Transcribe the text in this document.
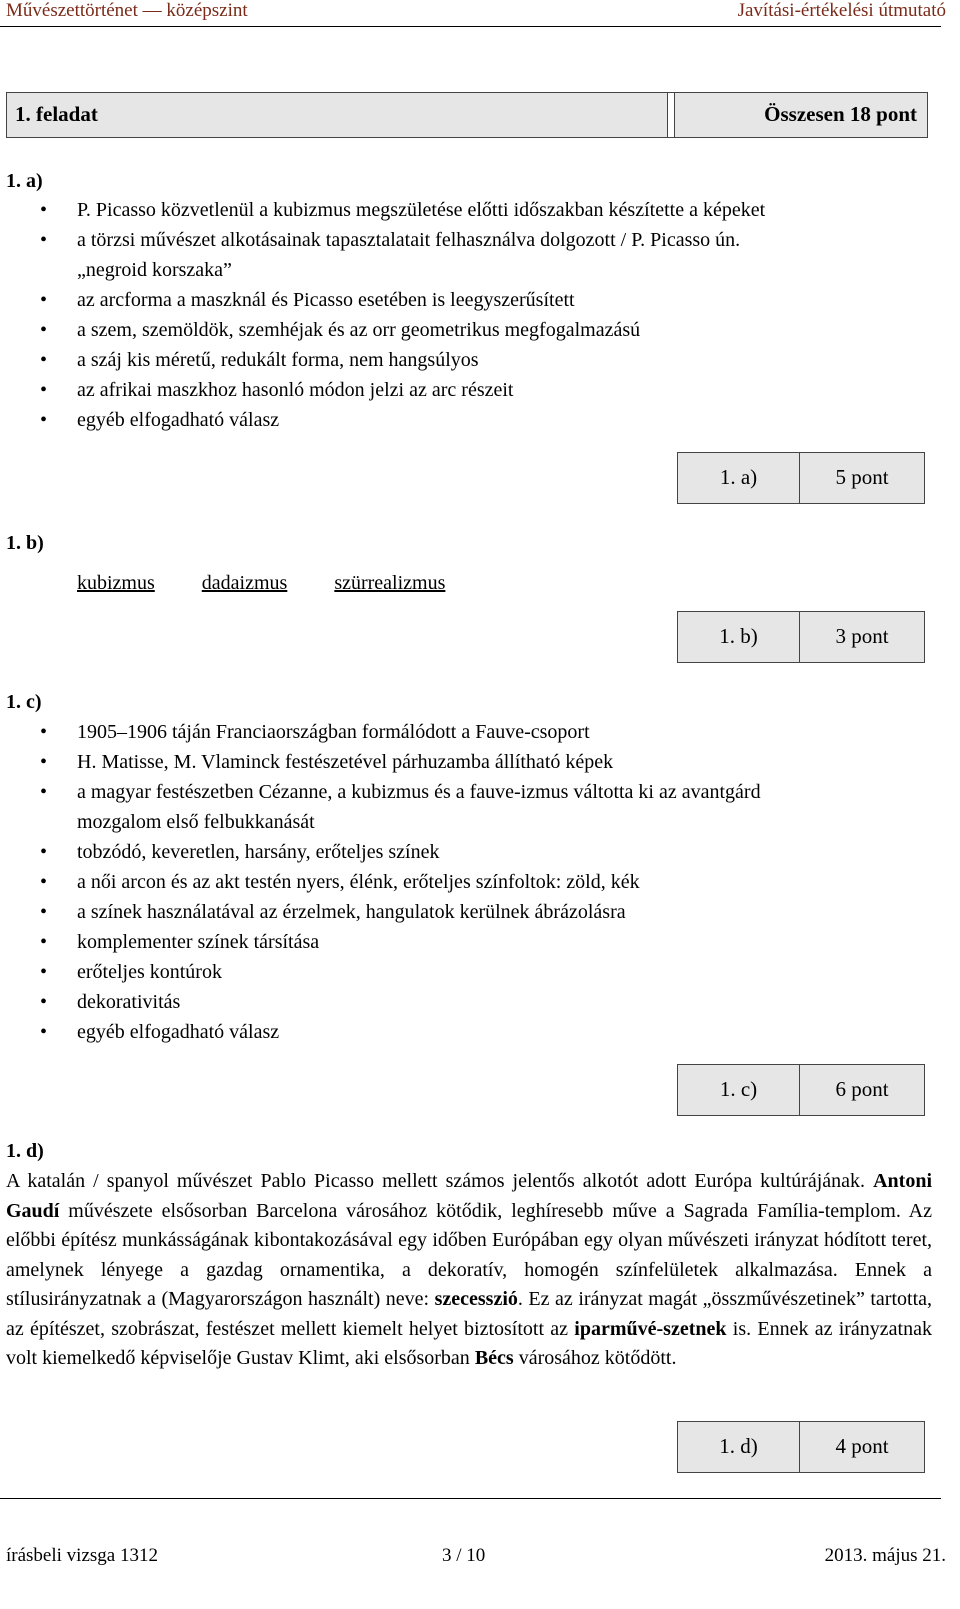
Művészettörténet — középszint	Javítási-értékelési útmutató
1. feladat	Összesen 18 pont
1. a)
• P. Picasso közvetlenül a kubizmus megszületése előtti időszakban készítette a képeket
• a törzsi művészet alkotásainak tapasztalatait felhasználva dolgozott / P. Picasso ún.
„negroid korszaka”
• az arcforma a maszknál és Picasso esetében is leegyszerűsített
• a szem, szemöldök, szemhéjak és az orr geometrikus megfogalmazású
• a száj kis méretű, redukált forma, nem hangsúlyos
• az afrikai maszkhoz hasonló módon jelzi az arc részeit
• egyéb elfogadható válasz
1. a)	5 pont
1. b)
kubizmus dadaizmus szürrealizmus
1. b)	3 pont
1. c)
• 1905–1906 táján Franciaországban formálódott a Fauve-csoport
• H. Matisse, M. Vlaminck festészetével párhuzamba állítható képek
• a magyar festészetben Cézanne, a kubizmus és a fauve-izmus váltotta ki az avantgárd
mozgalom első felbukkanását
• tobzódó, keveretlen, harsány, erőteljes színek
• a női arcon és az akt testén nyers, élénk, erőteljes színfoltok: zöld, kék
• a színek használatával az érzelmek, hangulatok kerülnek ábrázolásra
• komplementer színek társítása
• erőteljes kontúrok
• dekorativitás
• egyéb elfogadható válasz
1. c)	6 pont
1. d)
A katalán / spanyol művészet Pablo Picasso mellett számos jelentős alkotót adott Európa kultúrájának. Antoni Gaudí művészete elsősorban Barcelona városához kötődik, leghíresebb műve a Sagrada Família-templom. Az előbbi építész munkásságának kibontakozásával egy időben Európában egy olyan művészeti irányzat hódított teret, amelynek lényege a gazdag ornamentika, a dekoratív, homogén színfelületek alkalmazása. Ennek a stílusirányzatnak a (Magyarországon használt) neve: szecesszió. Ez az irányzat magát „összművészetinek” tartotta, az építészet, szobrászat, festészet mellett kiemelt helyet biztosított az iparművé-szetnek is. Ennek az irányzatnak volt kiemelkedő képviselője Gustav Klimt, aki elsősorban Bécs városához kötődött.
1. d)	4 pont
írásbeli vizsga 1312	3 / 10	2013. május 21.
